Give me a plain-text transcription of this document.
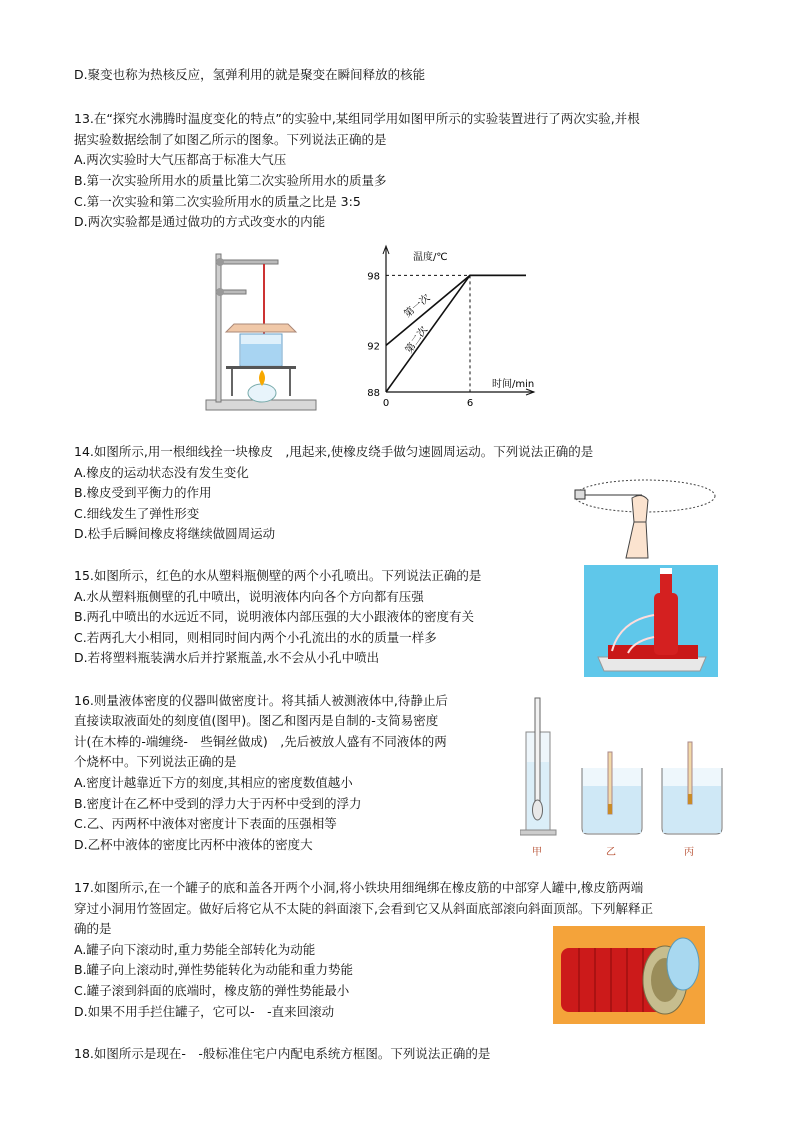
D.聚变也称为热核反应，氢弹利用的就是聚变在瞬间释放的核能
13.在“探究水沸腾时温度变化的特点”的实验中,某组同学用如图甲所示的实验装置进行了两次实验,并根
据实验数据绘制了如图乙所示的图象。下列说法正确的是
A.两次实验时大气压都高于标准大气压
B.第一次实验所用水的质量比第二次实验所用水的质量多
C.第一次实验和第二次实验所用水的质量之比是 3:5
D.两次实验都是通过做功的方式改变水的内能
第一次
第二次
88
92
98
0	6
温度/℃
时间/min
14.如图所示,用一根细线拴一块橡皮　,甩起来,使橡皮绕手做匀速圆周运动。下列说法正确的是
A.橡皮的运动状态没有发生变化
B.橡皮受到平衡力的作用
C.细线发生了弹性形变
D.松手后瞬间橡皮将继续做圆周运动
15.如图所示，红色的水从塑料瓶侧壁的两个小孔喷出。下列说法正确的是
A.水从塑料瓶侧壁的孔中喷出，说明液体内向各个方向都有压强
B.两孔中喷出的水远近不同，说明液体内部压强的大小跟液体的密度有关
C.若两孔大小相同，则相同时间内两个小孔流出的水的质量一样多
D.若将塑料瓶装满水后并拧紧瓶盖,水不会从小孔中喷出
16.则量液体密度的仪器叫做密度计。将其插人被测液体中,待静止后
直接读取液面处的刻度值(图甲)。图乙和图丙是自制的-支简易密度
计(在木棒的-端缠绕-　些铜丝做成)　,先后被放人盛有不同液体的两
个烧杯中。下列说法正确的是
A.密度计越靠近下方的刻度,其相应的密度数值越小
B.密度计在乙杯中受到的浮力大于丙杯中受到的浮力
C.乙、丙两杯中液体对密度计下表面的压强相等
D.乙杯中液体的密度比丙杯中液体的密度大
甲	乙	丙
17.如图所示,在一个罐子的底和盖各开两个小洞,将小铁块用细绳绑在橡皮筋的中部穿人罐中,橡皮筋两端
穿过小洞用竹签固定。做好后将它从不太陡的斜面滚下,会看到它又从斜面底部滚向斜面顶部。下列解释正
确的是
A.罐子向下滚动时,重力势能全部转化为动能
B.罐子向上滚动时,弹性势能转化为动能和重力势能
C.罐子滚到斜面的底端时，橡皮筋的弹性势能最小
D.如果不用手拦住罐子，它可以-　-直来回滚动
18.如图所示是现在-　-般标准住宅户内配电系统方框图。下列说法正确的是
